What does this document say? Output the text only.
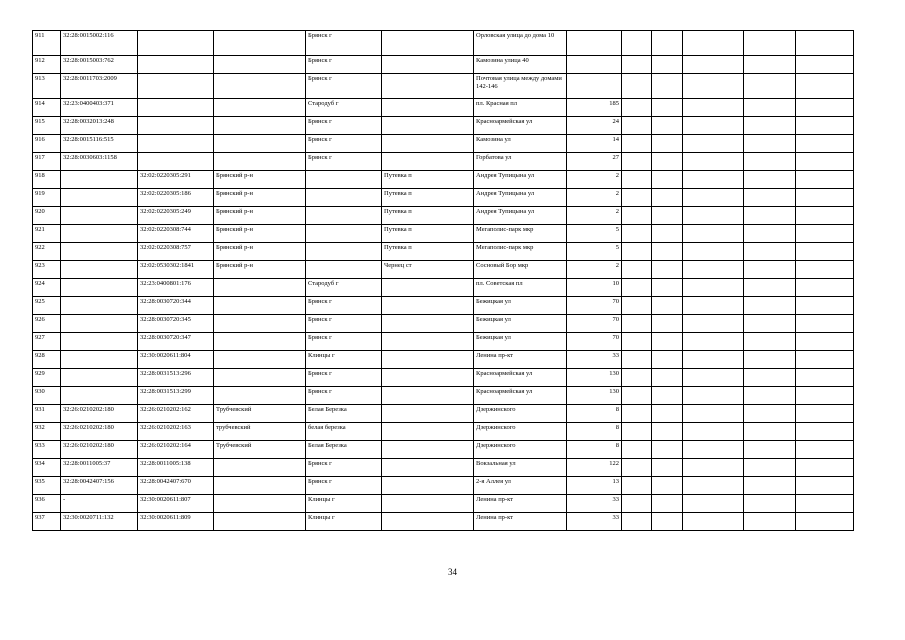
911	32:28:0015002:116			Брянск г		Орловская улица до дома 10						
912	32:28:0015003:762			Брянск г		Камозина улица 40						
913	32:28:0011703:2009			Брянск г		Почтовая улица между домами 142-146						
914	32:23:0400403:371			Стародуб г		пл. Красная пл	185					
915	32:28:0032013:248			Брянск г		Красноармейская ул	24					
916	32:28:0015116:515			Брянск г		Камозина ул	14					
917	32:28:0030603:1158			Брянск г		Горбатова ул	27					
918		32:02:0220305:291	Брянский р-н		Путевка п	Андрея Тупицына ул	2					
919		32:02:0220305:186	Брянский р-н		Путевка п	Андрея Тупицына ул	2					
920		32:02:0220305:249	Брянский р-н		Путевка п	Андрея Тупицына ул	2					
921		32:02:0220308:744	Брянский р-н		Путевка п	Мегаполис-парк мкр	5					
922		32:02:0220308:757	Брянский р-н		Путевка п	Мегаполис-парк мкр	5					
923		32:02:0530302:1841	Брянский р-н		Чернец ст	Сосновый Бор мкр	2					
924		32:23:0400801:176		Стародуб г		пл. Советская пл	10					
925		32:28:0030720:344		Брянск г		Бежицкая ул	70					
926		32:28:0030720:345		Брянск г		Бежицкая ул	70					
927		32:28:0030720:347		Брянск г		Бежицкая ул	70					
928		32:30:0020611:804		Клинцы г		Ленина пр-кт	33					
929		32:28:0031513:296		Брянск г		Красноармейская ул	130					
930		32:28:0031513:299		Брянск г		Красноармейская ул	130					
931	32:26:0210202:180	32:26:0210202:162	Трубчевский	Белая Березка		Дзержинского	8					
932	32:26:0210202:180	32:26:0210202:163	трубчевский	белая березка		Дзержинского	8					
933	32:26:0210202:180	32:26:0210202:164	Трубчевский	Белая Березка		Дзержинского	8					
934	32:28:0011005:37	32:28:0011005:138		Брянск г		Вокзальная ул	122					
935	32:28:0042407:156	32:28:0042407:670		Брянск г		2-я Аллея ул	13					
936	-	32:30:0020611:807		Клинцы г		Ленина пр-кт	33					
937	32:30:0020711:132	32:30:0020611:809		Клинцы г		Ленина пр-кт	33					
34
